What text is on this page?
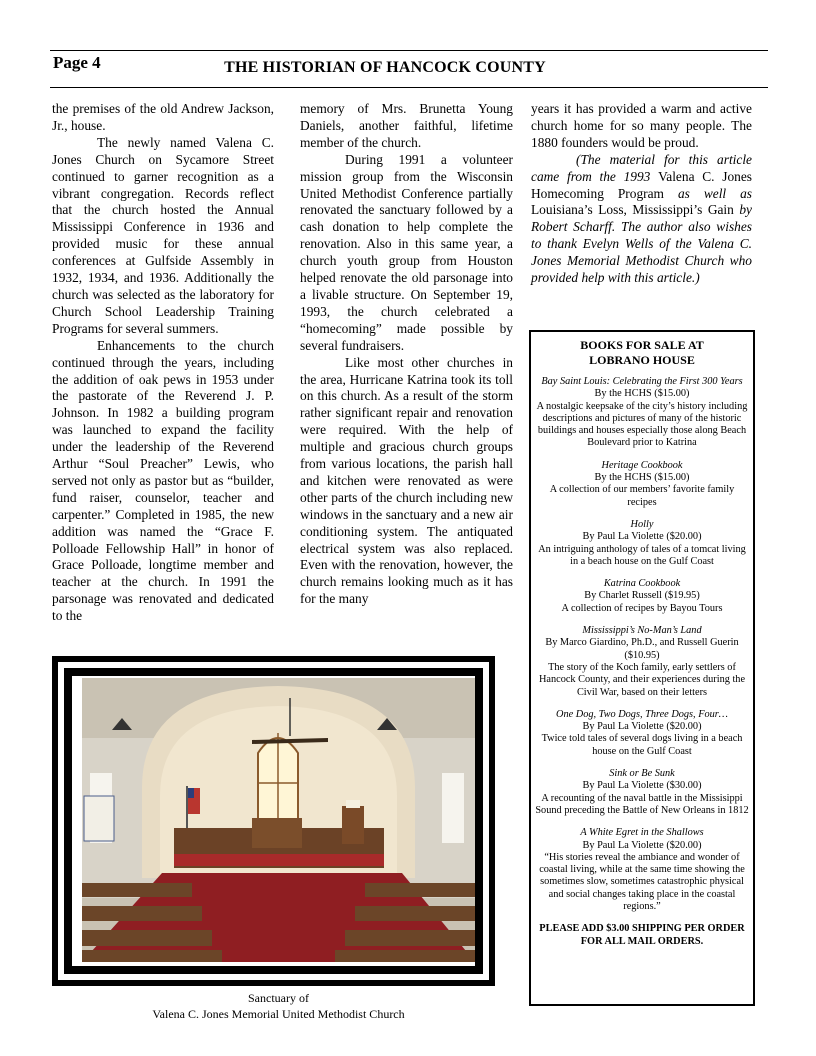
Page 4	THE HISTORIAN OF HANCOCK COUNTY

the premises of the old Andrew Jackson, Jr., house.

The newly named Valena C. Jones Church on Sycamore Street continued to garner recognition as a vibrant congregation. Records reflect that the church hosted the Annual Mississippi Conference in 1936 and provided music for these annual conferences at Gulfside Assembly in 1932, 1934, and 1936. Additionally the church was selected as the laboratory for Church School Leadership Training Programs for several summers.

Enhancements to the church continued through the years, including the addition of oak pews in 1953 under the pastorate of the Reverend J. P. Johnson. In 1982 a building program was launched to expand the facility under the leadership of the Reverend Arthur “Soul Preacher” Lewis, who served not only as pastor but as “builder, fund raiser, counselor, teacher and carpenter.” Completed in 1985, the new addition was named the “Grace F. Polloade Fellowship Hall” in honor of Grace Polloade, longtime member and teacher at the church. In 1991 the parsonage was renovated and dedicated to the

memory of Mrs. Brunetta Young Daniels, another faithful, lifetime member of the church.

During 1991 a volunteer mission group from the Wisconsin United Methodist Conference partially renovated the sanctuary followed by a cash donation to help complete the renovation. Also in this same year, a church youth group from Houston helped renovate the old parsonage into a livable structure. On September 19, 1993, the church celebrated a “homecoming” made possible by several fundraisers.

Like most other churches in the area, Hurricane Katrina took its toll on this church. As a result of the storm rather significant repair and renovation were required. With the help of multiple and gracious church groups from various locations, the parish hall and kitchen were renovated as were other parts of the church including new windows in the sanctuary and a new air conditioning system. The antiquated electrical system was also replaced. Even with the renovation, however, the church remains looking much as it has for the many

years it has provided a warm and active church home for so many people. The 1880 founders would be proud.

(The material for this article came from the 1993 Valena C. Jones Homecoming Program as well as Louisiana’s Loss, Mississippi’s Gain by Robert Scharff. The author also wishes to thank Evelyn Wells of the Valena C. Jones Memorial Methodist Church who provided help with this article.)

Sanctuary of
Valena C. Jones Memorial United Methodist Church
BOOKS FOR SALE AT
LOBRANO HOUSE
Bay Saint Louis: Celebrating the First 300 Years
By the HCHS ($15.00)
A nostalgic keepsake of the city’s history including descriptions and pictures of many of the historic buildings and houses especially those along Beach Boulevard prior to Katrina
Heritage Cookbook
By the HCHS ($15.00)
A collection of our members’ favorite family recipes
Holly
By Paul La Violette ($20.00)
An intriguing anthology of tales of a tomcat living in a beach house on the Gulf Coast
Katrina Cookbook
By Charlet Russell ($19.95)
A collection of recipes by Bayou Tours
Mississippi’s No-Man’s Land
By Marco Giardino, Ph.D., and Russell Guerin ($10.95)
The story of the Koch family, early settlers of Hancock County, and their experiences during the Civil War, based on their letters
One Dog, Two Dogs, Three Dogs, Four…
By Paul La Violette ($20.00)
Twice told tales of several dogs living in a beach house on the Gulf Coast
Sink or Be Sunk
By Paul La Violette ($30.00)
A recounting of the naval battle in the Missisippi Sound preceding the Battle of New Orleans in 1812
A White Egret in the Shallows
By Paul La Violette ($20.00)
“His stories reveal the ambiance and wonder of coastal living, while at the same time showing the sometimes slow, sometimes catastrophic physical and social changes taking place in the coastal regions.”
PLEASE ADD $3.00 SHIPPING PER ORDER
FOR ALL MAIL ORDERS.
